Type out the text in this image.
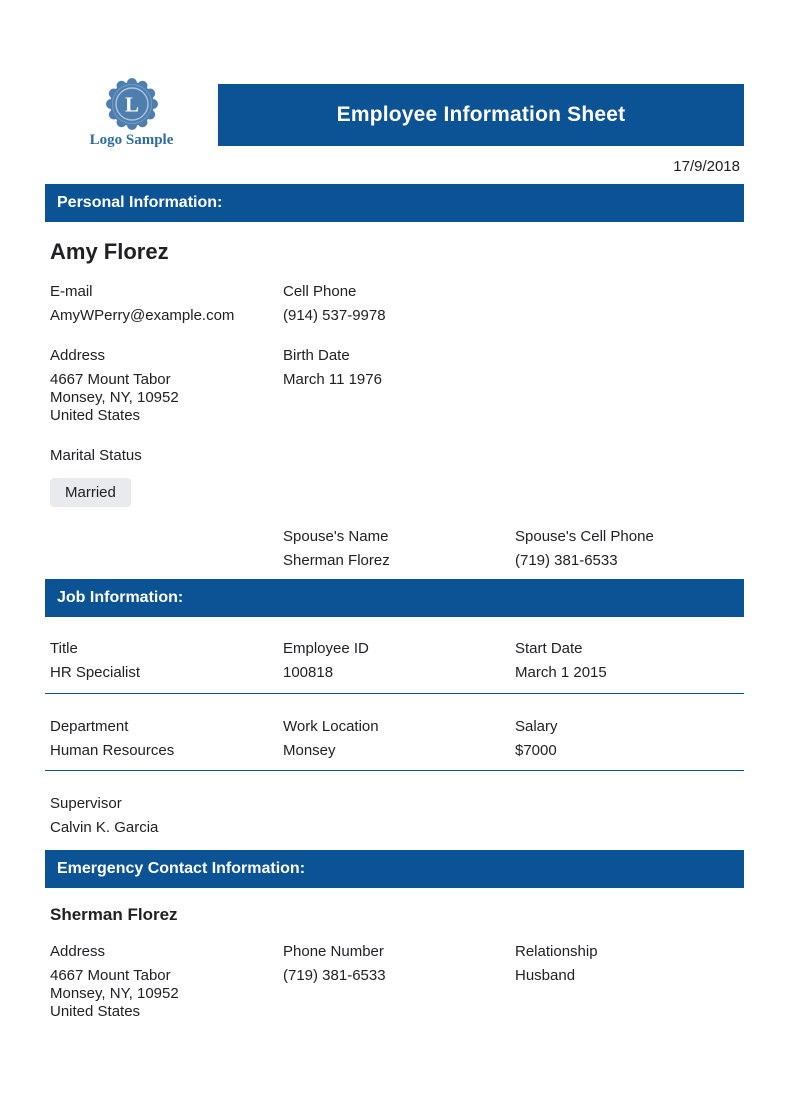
L
Logo Sample
Employee Information Sheet
17/9/2018
Personal Information:
Amy Florez
E-mail
AmyWPerry@example.com
Cell Phone
(914) 537-9978
Address
4667 Mount Tabor
Monsey, NY, 10952
United States
Birth Date
March 11 1976
Marital Status
Married
Spouse's Name
Sherman Florez
Spouse's Cell Phone
(719) 381-6533
Job Information:
Title
HR Specialist
Employee ID
100818
Start Date
March 1 2015
Department
Human Resources
Work Location
Monsey
Salary
$7000
Supervisor
Calvin K. Garcia
Emergency Contact Information:
Sherman Florez
Address
4667 Mount Tabor
Monsey, NY, 10952
United States
Phone Number
(719) 381-6533
Relationship
Husband
